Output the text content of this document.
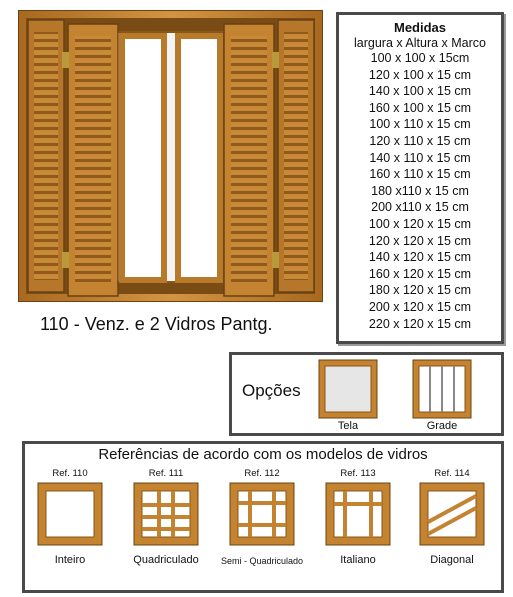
110 - Venz. e 2 Vidros Pantg.
Medidas
largura x Altura x Marco
100 x 100 x 15cm
120 x 100 x 15 cm
140 x 100 x 15 cm
160 x 100 x 15 cm
100 x 110 x 15 cm
120 x 110 x 15 cm
140 x 110 x 15 cm
160 x 110 x 15 cm
180 x110 x 15 cm
200 x110 x 15 cm
100 x 120 x 15 cm
120 x 120 x 15 cm
140 x 120 x 15 cm
160 x 120 x 15 cm
180 x 120 x 15 cm
200 x 120 x 15 cm
220 x 120 x 15 cm
Opções
Tela	Grade
Referências de acordo com os modelos de vidros
Ref. 110
Inteiro
Ref. 111
Quadriculado
Ref. 112
Semi - Quadriculado
Ref. 113
Italiano
Ref. 114
Diagonal
